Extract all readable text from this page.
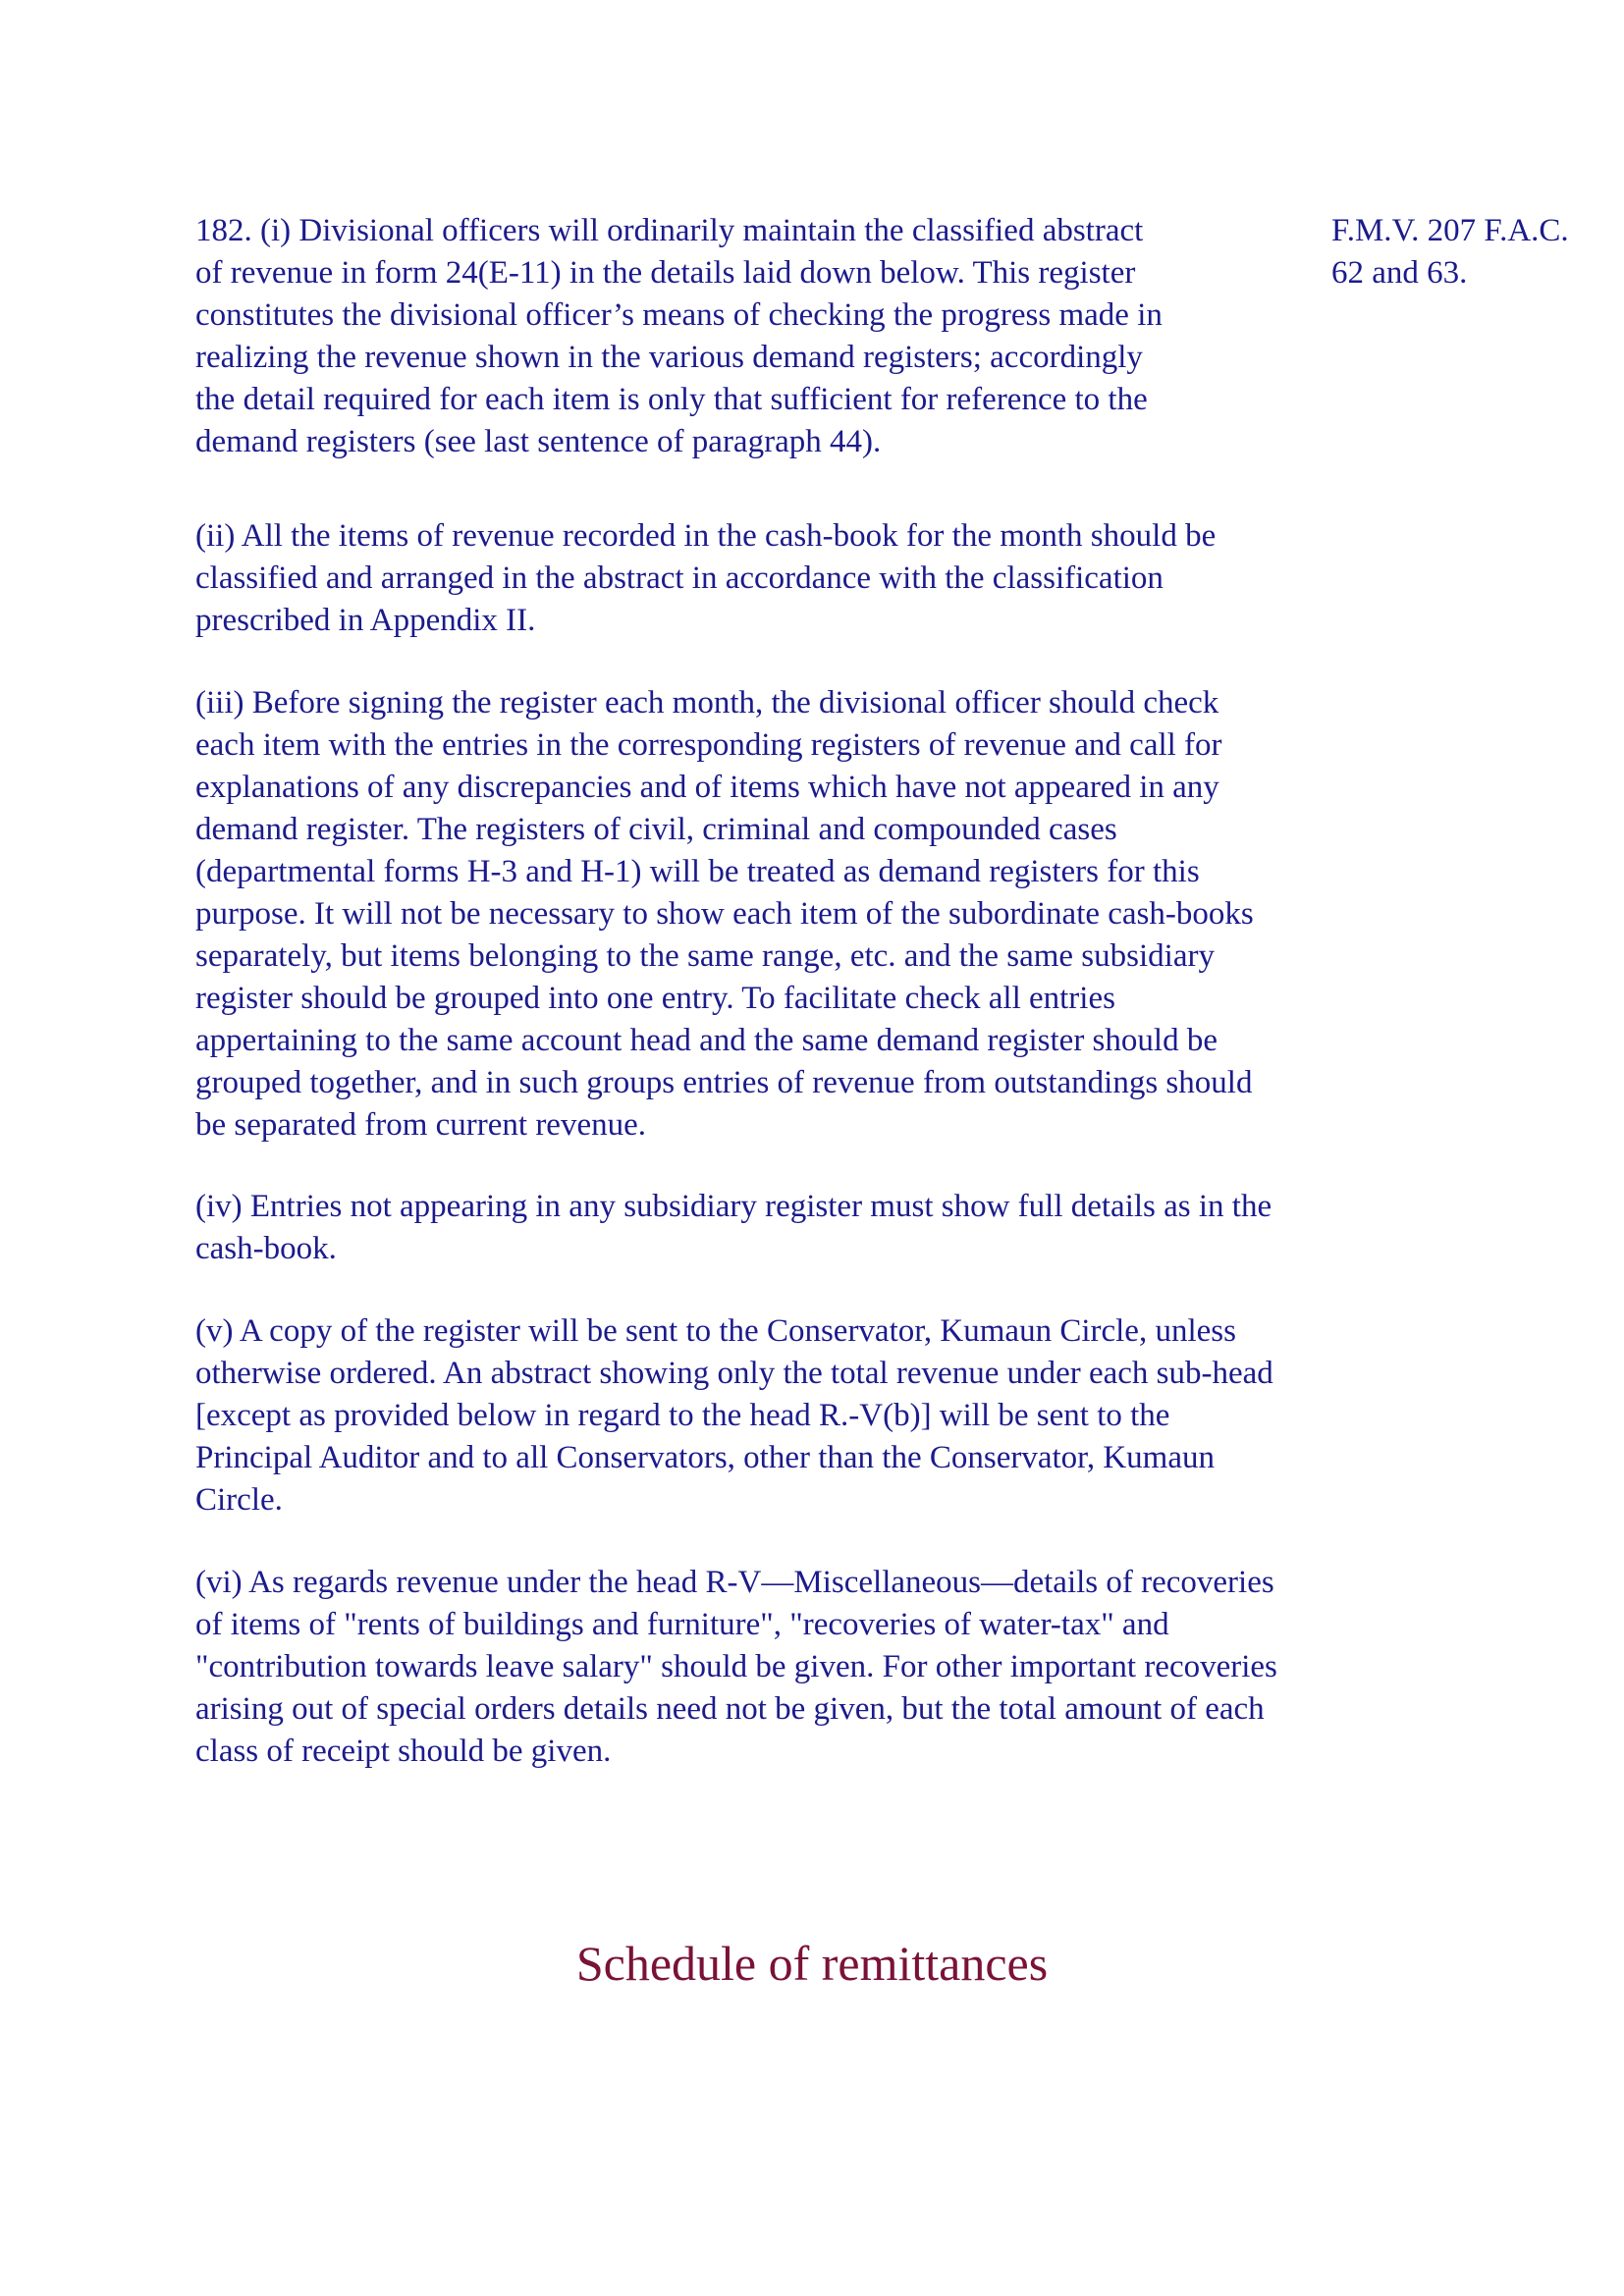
182. (i) Divisional officers will ordinarily maintain the classified abstract
of revenue in form 24(E-11) in the details laid down below. This register
constitutes the divisional officer’s means of checking the progress made in
realizing the revenue shown in the various demand registers; accordingly
the detail required for each item is only that sufficient for reference to the
demand registers (see last sentence of paragraph 44).
F.M.V. 207 F.A.C.
62 and 63.
(ii) All the items of revenue recorded in the cash-book for the month should be
classified and arranged in the abstract in accordance with the classification
prescribed in Appendix II.
(iii) Before signing the register each month, the divisional officer should check
each item with the entries in the corresponding registers of revenue and call for
explanations of any discrepancies and of items which have not appeared in any
demand register. The registers of civil, criminal and compounded cases
(departmental forms H-3 and H-1) will be treated as demand registers for this
purpose. It will not be necessary to show each item of the subordinate cash-books
separately, but items belonging to the same range, etc. and the same subsidiary
register should be grouped into one entry. To facilitate check all entries
appertaining to the same account head and the same demand register should be
grouped together, and in such groups entries of revenue from outstandings should
be separated from current revenue.
(iv) Entries not appearing in any subsidiary register must show full details as in the
cash-book.
(v) A copy of the register will be sent to the Conservator, Kumaun Circle, unless
otherwise ordered. An abstract showing only the total revenue under each sub-head
[except as provided below in regard to the head R.-V(b)] will be sent to the
Principal Auditor and to all Conservators, other than the Conservator, Kumaun
Circle.
(vi) As regards revenue under the head R-V—Miscellaneous—details of recoveries
of items of "rents of buildings and furniture", "recoveries of water-tax" and
"contribution towards leave salary" should be given. For other important recoveries
arising out of special orders details need not be given, but the total amount of each
class of receipt should be given.
Schedule of remittances
